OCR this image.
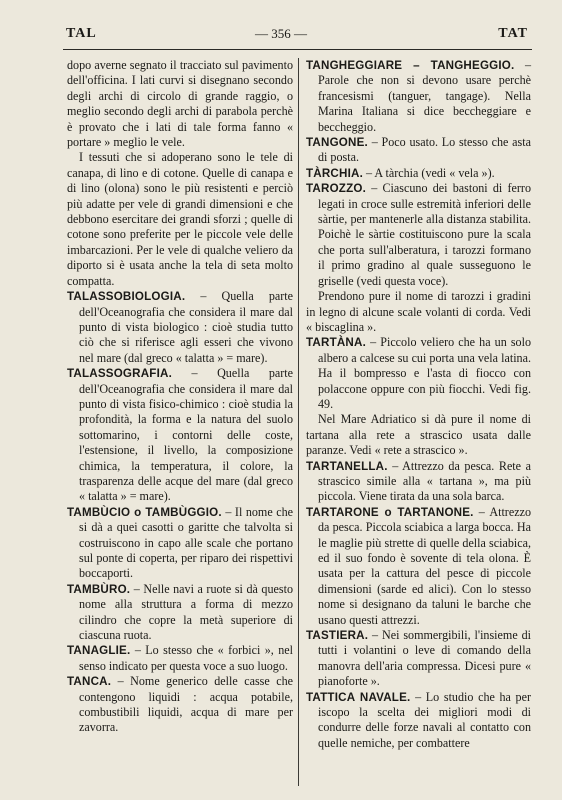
TAL	— 356 —	TAT

dopo averne segnato il tracciato sul pavimento dell'officina. I lati curvi si disegnano secondo degli archi di circolo di grande raggio, o meglio secondo degli archi di parabola perchè è provato che i lati di tale forma fanno « portare » meglio le vele.

I tessuti che si adoperano sono le tele di canapa, di lino e di cotone. Quelle di canapa e di lino (olona) sono le più resistenti e perciò più adatte per vele di grandi dimensioni e che debbono esercitare dei grandi sforzi ; quelle di cotone sono preferite per le piccole vele delle imbarcazioni. Per le vele di qualche veliero da diporto si è usata anche la tela di seta molto compatta.

TALASSOBIOLOGIA. – Quella parte dell'Oceanografia che considera il mare dal punto di vista biologico : cioè studia tutto ciò che si riferisce agli esseri che vivono nel mare (dal greco « talatta » = mare).

TALASSOGRAFIA. – Quella parte dell'Oceanografia che considera il mare dal punto di vista fisico-chimico : cioè studia la profondità, la forma e la natura del suolo sottomarino, i contorni delle coste, l'estensione, il livello, la composizione chimica, la temperatura, il colore, la trasparenza delle acque del mare (dal greco « talatta » = mare).

TAMBÙCIO o TAMBÙGGIO. – Il nome che si dà a quei casotti o garitte che talvolta si costruiscono in capo alle scale che portano sul ponte di coperta, per riparo dei rispettivi boccaporti.

TAMBÙRO. – Nelle navi a ruote si dà questo nome alla struttura a forma di mezzo cilindro che copre la metà superiore di ciascuna ruota.

TANAGLIE. – Lo stesso che « forbici », nel senso indicato per questa voce a suo luogo.

TANCA. – Nome generico delle casse che contengono liquidi : acqua potabile, combustibili liquidi, acqua di mare per zavorra.

TANGHEGGIARE – TANGHEGGIO. – Parole che non si devono usare perchè francesismi (tanguer, tangage). Nella Marina Italiana si dice beccheggiare e beccheggio.

TANGONE. – Poco usato. Lo stesso che asta di posta.

TÀRCHIA. – A tàrchia (vedi « vela »).

TAROZZO. – Ciascuno dei bastoni di ferro legati in croce sulle estremità inferiori delle sàrtie, per mantenerle alla distanza stabilita. Poichè le sàrtie costituiscono pure la scala che porta sull'alberatura, i tarozzi formano il primo gradino al quale susseguono le griselle (vedi questa voce).

Prendono pure il nome di tarozzi i gradini in legno di alcune scale volanti di corda. Vedi « biscaglina ».

TARTÀNA. – Piccolo veliero che ha un solo albero a calcese su cui porta una vela latina. Ha il bompresso e l'asta di fiocco con polaccone oppure con più fiocchi. Vedi fig. 49.

Nel Mare Adriatico si dà pure il nome di tartana alla rete a strascico usata dalle paranze. Vedi « rete a strascico ».

TARTANELLA. – Attrezzo da pesca. Rete a strascico simile alla « tartana », ma più piccola. Viene tirata da una sola barca.

TARTARONE o TARTANONE. – Attrezzo da pesca. Piccola sciabica a larga bocca. Ha le maglie più strette di quelle della sciabica, ed il suo fondo è sovente di tela olona. È usata per la cattura del pesce di piccole dimensioni (sarde ed alici). Con lo stesso nome si designano da taluni le barche che usano questi attrezzi.

TASTIERA. – Nei sommergibili, l'insieme di tutti i volantini o leve di comando della manovra dell'aria compressa. Dicesi pure « pianoforte ».

TATTICA NAVALE. – Lo studio che ha per iscopo la scelta dei migliori modi di condurre delle forze navali al contatto con quelle nemiche, per combattere
